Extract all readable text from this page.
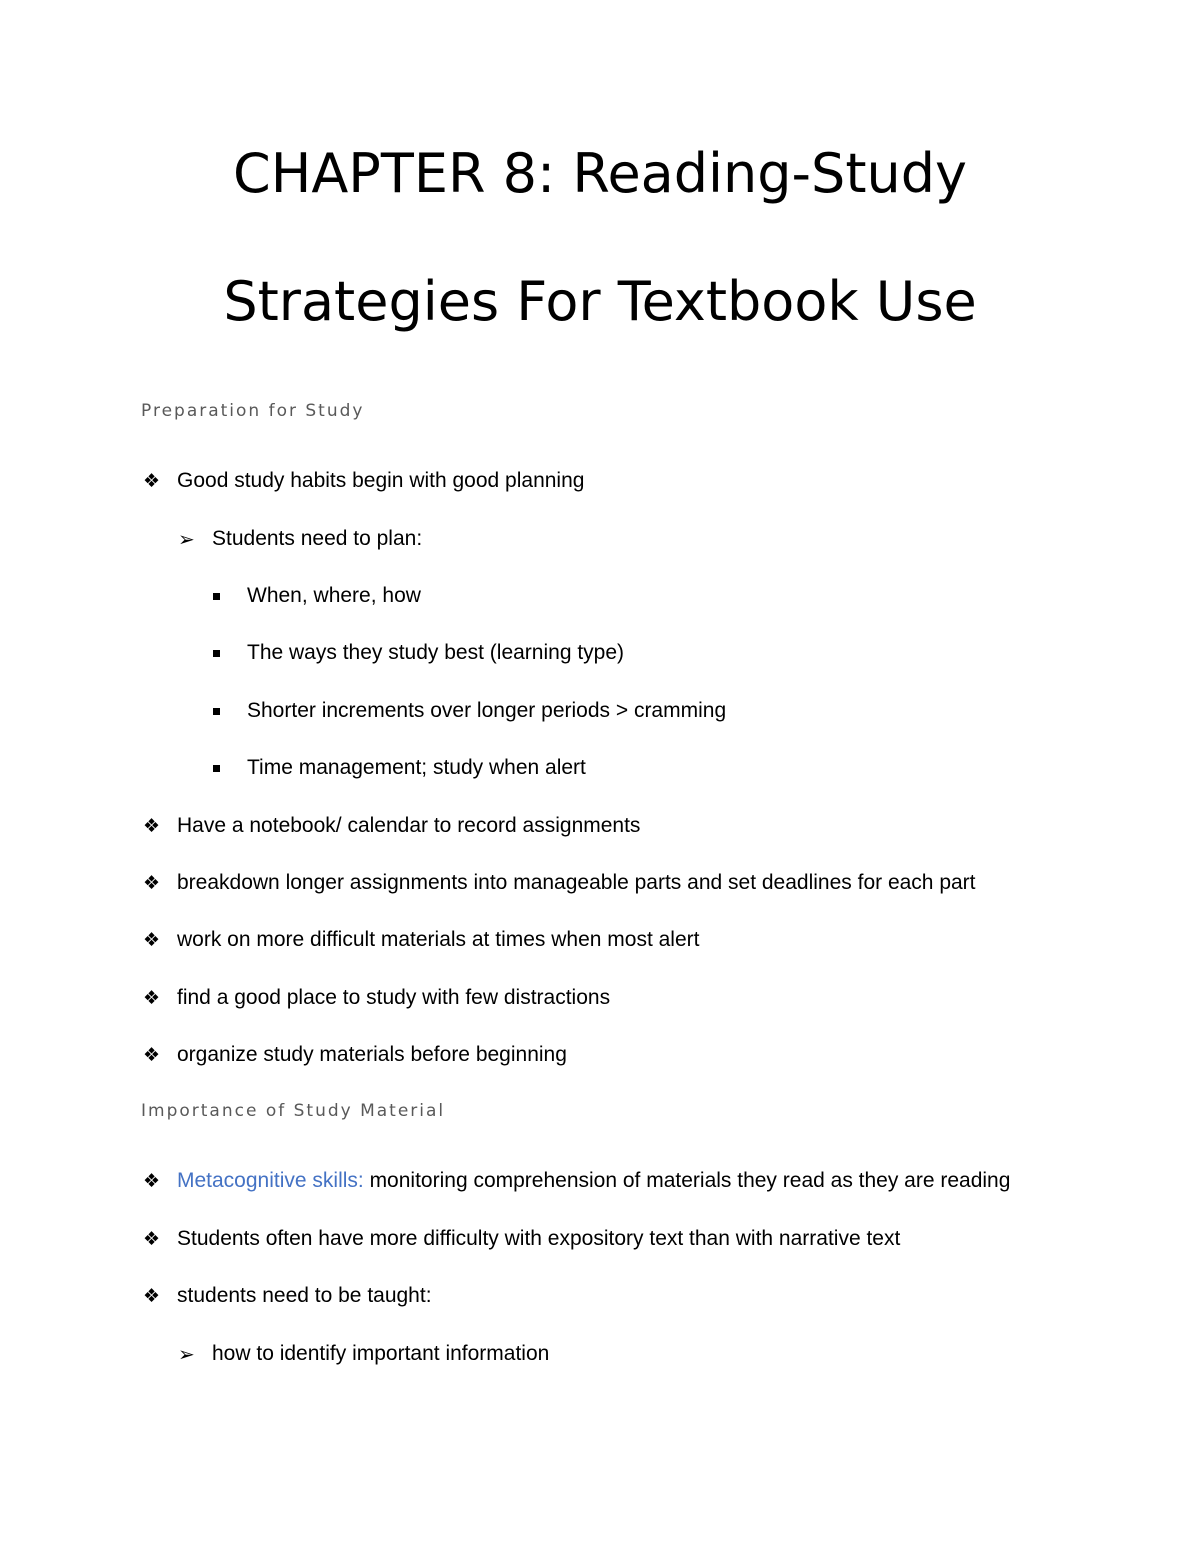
CHAPTER 8: Reading-Study
Strategies For Textbook Use
Preparation for Study
❖ Good study habits begin with good planning
➢ Students need to plan:
When, where, how
The ways they study best (learning type)
Shorter increments over longer periods > cramming
Time management; study when alert
❖ Have a notebook/ calendar to record assignments
❖ breakdown longer assignments into manageable parts and set deadlines for each part
❖ work on more difficult materials at times when most alert
❖ find a good place to study with few distractions
❖ organize study materials before beginning
Importance of Study Material
❖ Metacognitive skills: monitoring comprehension of materials they read as they are reading
❖ Students often have more difficulty with expository text than with narrative text
❖ students need to be taught:
➢ how to identify important information
